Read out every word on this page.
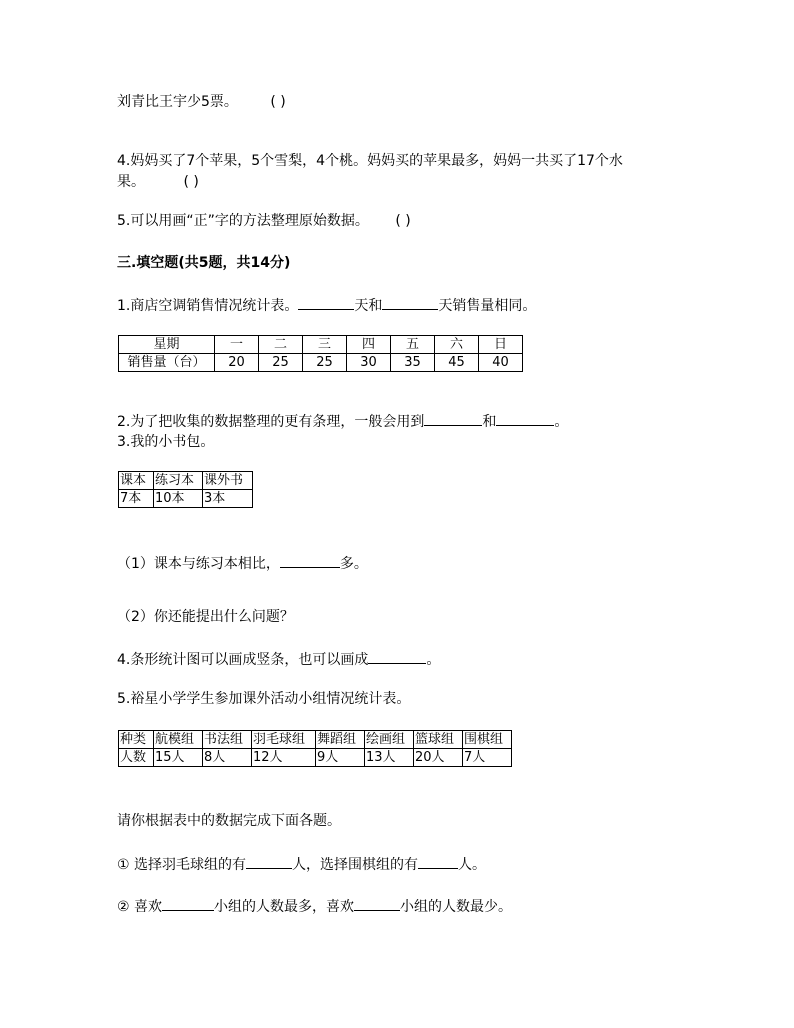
刘青比王宇少5票。 ( )
4.妈妈买了7个苹果，5个雪梨，4个桃。妈妈买的苹果最多，妈妈一共买了17个水
果。	( )
5.可以用画“正”字的方法整理原始数据。 ( )
三.填空题(共5题，共14分)
1.商店空调销售情况统计表。	天和	天销售量相同。
星期	一	二	三	四	五	六	日
销售量（台）	20	25	25	30	35	45	40
2.为了把收集的数据整理的更有条理，一般会用到	和	。
3.我的小书包。
课本	练习本	课外书
7本	10本	3本
（1）课本与练习本相比，	多。
（2）你还能提出什么问题？
4.条形统计图可以画成竖条，也可以画成	。
5.裕星小学学生参加课外活动小组情况统计表。
种类	航模组	书法组	羽毛球组	舞蹈组	绘画组	篮球组	围棋组
人数	15人	8人	12人	9人	13人	20人	7人
请你根据表中的数据完成下面各题。
① 选择羽毛球组的有	人，选择围棋组的有	人。
② 喜欢	小组的人数最多，喜欢	小组的人数最少。
